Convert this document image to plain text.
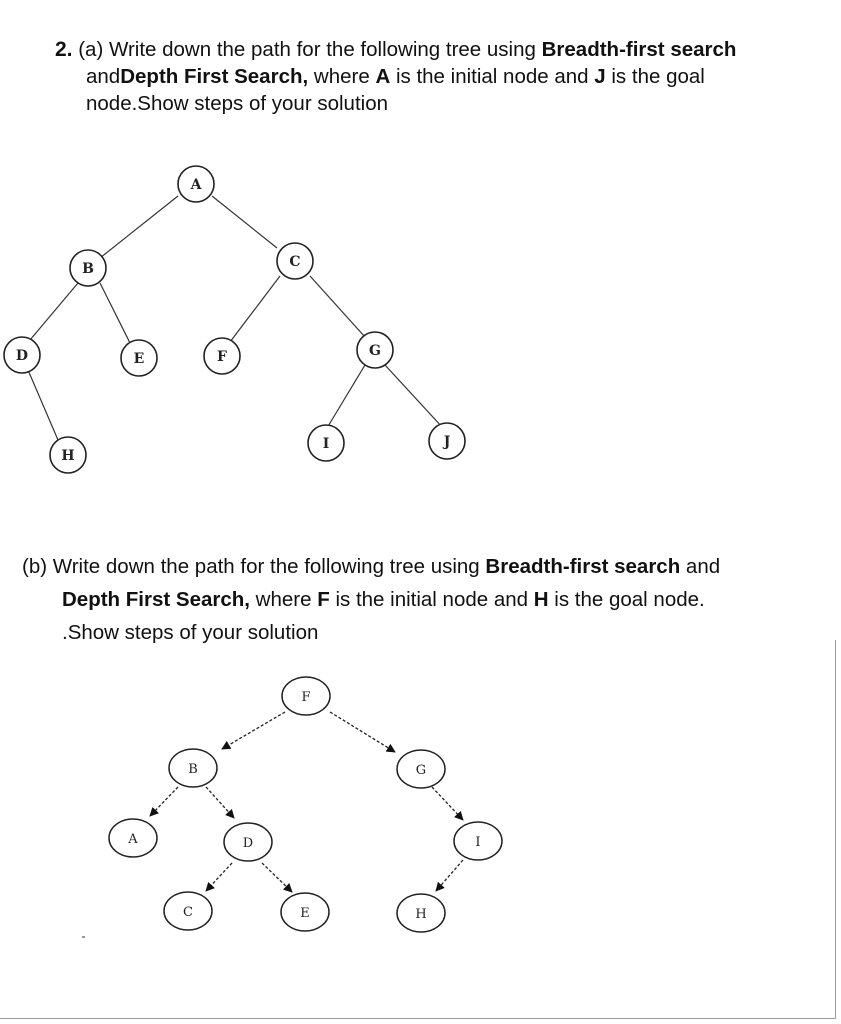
2. (a) Write down the path for the following tree using Breadth-first search
andDepth First Search, where A is the initial node and J is the goal
node.Show steps of your solution
A
B	C
D	E	F	G
H
I	J
(b) Write down the path for the following tree using Breadth-first search and
Depth First Search, where F is the initial node and H is the goal node.
.Show steps of your solution
F
B	G
A	D	I
C	E	H
